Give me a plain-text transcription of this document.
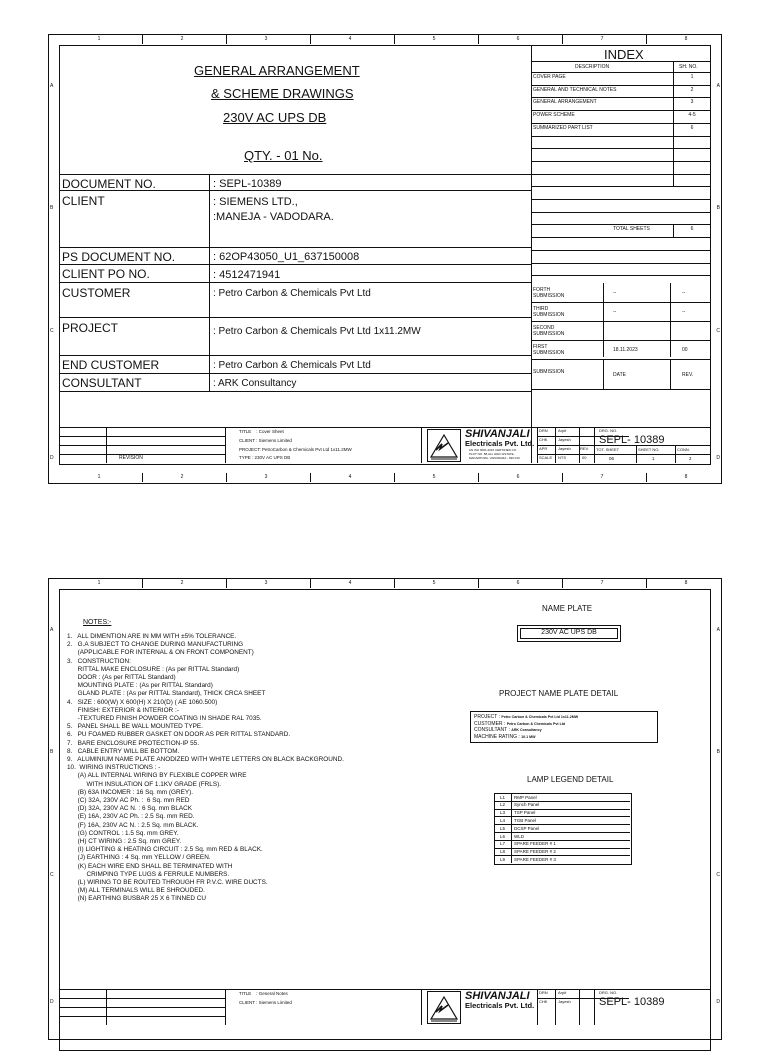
1	2	3	4	5	6	7	8
1	2	3	4	5	6	7	8
A	A
B	B
C	C
D	D
GENERAL ARRANGEMENT
& SCHEME DRAWINGS
230V AC UPS DB
QTY. - 01 No.
DOCUMENT NO.	: SEPL-10389
CLIENT	: SIEMENS LTD.,
:MANEJA - VADODARA.
PS DOCUMENT NO.	: 62OP43050_U1_637150008
CLIENT PO NO.	: 4512471941
CUSTOMER	: Petro Carbon & Chemicals Pvt Ltd
PROJECT	: Petro Carbon & Chemicals Pvt Ltd 1x11.2MW
END CUSTOMER	: Petro Carbon & Chemicals Pvt Ltd
CONSULTANT	: ARK Consultancy
INDEX
DESCRIPTION	SH. NO.
COVER PAGE	1
GENERAL AND TECHNICAL NOTES	2
GENERAL ARRANGEMENT	3
POWER SCHEME	4-5
SUMMARIZED PART LIST	6
TOTAL SHEETS	6
FORTH
SUBMISSION	--	--
THIRD
SUBMISSION	--	--
SECOND
SUBMISSION
FIRST
SUBMISSION	18.11.2023	00
SUBMISSION	DATE	REV.
REVISION
TITLE    : Cover Sheet
CLIENT : Siemens Limited
PROJECT: PetroCarbon & Chemicals Pvt Ltd 1x11.2MW
TYPE : 230V AC UPS DB
SHIVANJALI
Electricals Pvt. Ltd.
AN ISO 9001:2015 CERTIFIED CO.
PLOT NO. 88,ALL GIDC ESTATE,
MAKARPURA, VADODARA - 390 010.
DRN	Arpit
CHK	Jayesh
APR	Jayesh
SCALE NTS
REV.
00
DRG. NO.
SEPL- 10389
TOT. SHEET	SHEET NO.	CONN.
06	1	2
1	2	3	4	5	6	7	8
A	A
B	B
C	C
D	D
NOTES:-
1.   ALL DIMENTION ARE IN MM WITH ±5% TOLERANCE.
2.   G.A SUBJECT TO CHANGE DURING MANUFACTURING
(APPLICABLE FOR INTERNAL & ON FRONT COMPONENT)
3.   CONSTRUCTION:
RITTAL MAKE ENCLOSURE : (As per RITTAL Standard)
DOOR : (As per RITTAL Standard)
MOUNTING PLATE : (As per RITTAL Standard)
GLAND PLATE : (As per RITTAL Standard), THICK CRCA SHEET
4.   SIZE : 600(W) X 600(H) X 210(D) ( AE 1060.500)
FINISH: EXTERIOR & INTERIOR :-
-TEXTURED FINISH POWDER COATING IN SHADE RAL 7035.
5.   PANEL SHALL BE WALL MOUNTED TYPE.
6.   PU FOAMED RUBBER GASKET ON DOOR AS PER RITTAL STANDARD.
7.   BARE ENCLOSURE PROTECTION-IP 55.
8.   CABLE ENTRY WILL BE BOTTOM.
9.   ALUMINIUM NAME PLATE ANODIZED WITH WHITE LETTERS ON BLACK BACKGROUND.
10.  WIRING INSTRUCTIONS : -
(A) ALL INTERNAL WIRING BY FLEXIBLE COPPER WIRE
WITH INSULATION OF 1.1KV GRADE (FRLS).
(B) 63A INCOMER : 16 Sq. mm (GREY).
(C) 32A, 230V AC Ph. :  6 Sq. mm RED
(D) 32A, 230V AC N. : 6 Sq. mm BLACK
(E) 16A, 230V AC Ph. : 2.5 Sq. mm RED.
(F) 16A, 230V AC N. : 2.5 Sq. mm BLACK.
(G) CONTROL : 1.5 Sq. mm GREY.
(H) CT WIRING : 2.5 Sq. mm GREY.
(I) LIGHTING & HEATING CIRCUIT : 2.5 Sq. mm RED & BLACK.
(J) EARTHING : 4 Sq. mm YELLOW / GREEN.
(K) EACH WIRE END SHALL BE TERMINATED WITH
CRIMPING TYPE LUGS & FERRULE NUMBERS.
(L) WIRING TO BE ROUTED THROUGH FR P.V.C. WIRE DUCTS.
(M) ALL TERMINALS WILL BE SHROUDED.
(N) EARTHING BUSBAR 25 X 6 TINNED CU
NAME PLATE
230V AC UPS DB
PROJECT NAME PLATE DETAIL
PROJECT : Petro Carbon & Chemicals Pvt Ltd 1x11.2MW
CUSTOMER : Petro Carbon & Chemicals Pvt Ltd
CONSULTANT : ARK Consultancy
MACHINE RATING : 10.1 MW
LAMP LEGEND DETAIL
L1	RMP Panel
L2	Synch Panel
L3	TSP Panel
L4	TGB Panel
L5	DCSP Panel
L6	WLD
L7	SPARE FEEDER # 1
L8	SPARE FEEDER # 2
L9	SPARE FEEDER # 3
TITLE    : General Notes
CLIENT : Siemens Limited
SHIVANJALI
Electricals Pvt. Ltd.
DRN	Arpit
CHK	Jayesh
DRG. NO.
SEPL- 10389
